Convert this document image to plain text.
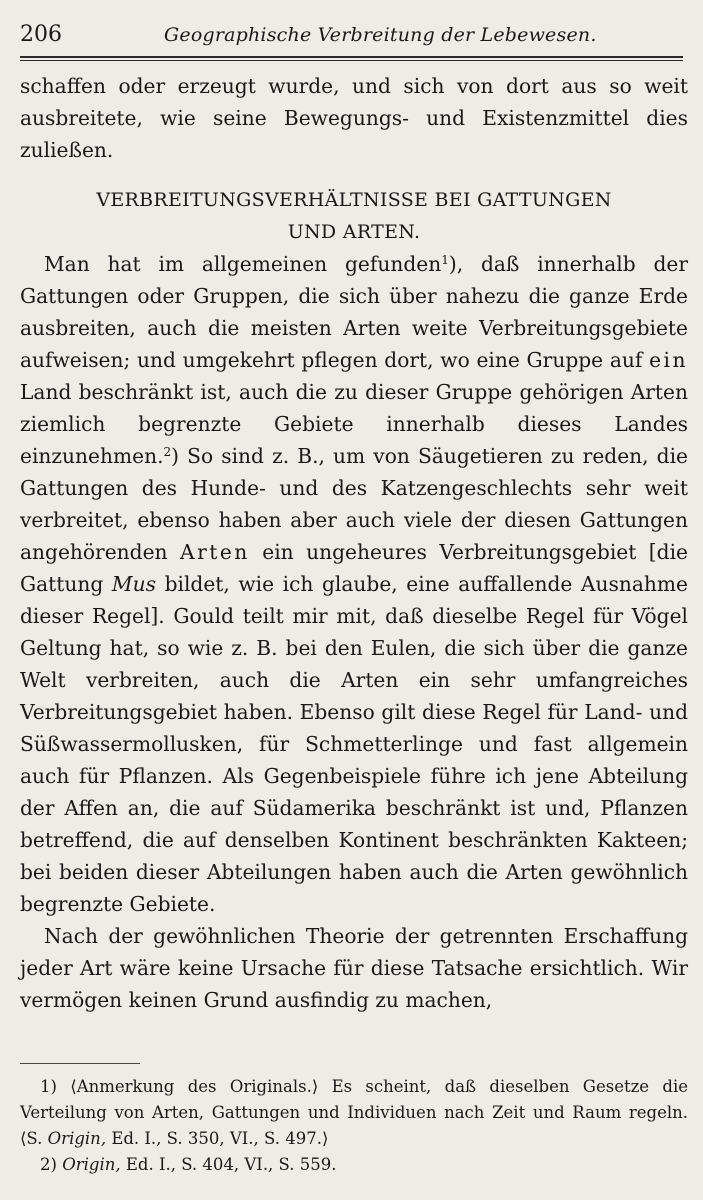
206	Geographische Verbreitung der Lebewesen.

schaffen oder erzeugt wurde, und sich von dort aus so weit ausbreitete, wie seine Bewegungs- und Existenzmittel dies zuließen.

VERBREITUNGSVERHÄLTNISSE BEI GATTUNGEN
UND ARTEN.

Man hat im allgemeinen gefunden$^1$), daß innerhalb der Gattungen oder Gruppen, die sich über nahezu die ganze Erde ausbreiten, auch die meisten Arten weite Verbreitungsgebiete aufweisen; und umgekehrt pflegen dort, wo eine Gruppe auf ein Land beschränkt ist, auch die zu dieser Gruppe gehörigen Arten ziemlich begrenzte Gebiete innerhalb dieses Landes einzunehmen.$^2$) So sind z. B., um von Säugetieren zu reden, die Gattungen des Hunde- und des Katzengeschlechts sehr weit verbreitet, ebenso haben aber auch viele der diesen Gattungen angehörenden Arten ein ungeheures Verbreitungsgebiet [die Gattung Mus bildet, wie ich glaube, eine auffallende Ausnahme dieser Regel]. Gould teilt mir mit, daß dieselbe Regel für Vögel Geltung hat, so wie z. B. bei den Eulen, die sich über die ganze Welt verbreiten, auch die Arten ein sehr umfangreiches Verbreitungsgebiet haben. Ebenso gilt diese Regel für Land- und Süßwassermollusken, für Schmetterlinge und fast allgemein auch für Pflanzen. Als Gegenbeispiele führe ich jene Abteilung der Affen an, die auf Südamerika beschränkt ist und, Pflanzen betreffend, die auf denselben Kontinent beschränkten Kakteen; bei beiden dieser Abteilungen haben auch die Arten gewöhnlich begrenzte Gebiete.

Nach der gewöhnlichen Theorie der getrennten Erschaffung jeder Art wäre keine Ursache für diese Tatsache ersichtlich. Wir vermögen keinen Grund ausfindig zu machen,

1) ⟨Anmerkung des Originals.⟩ Es scheint, daß dieselben Gesetze die Verteilung von Arten, Gattungen und Individuen nach Zeit und Raum regeln. ⟨S. Origin, Ed. I., S. 350, VI., S. 497.⟩

2) Origin, Ed. I., S. 404, VI., S. 559.
